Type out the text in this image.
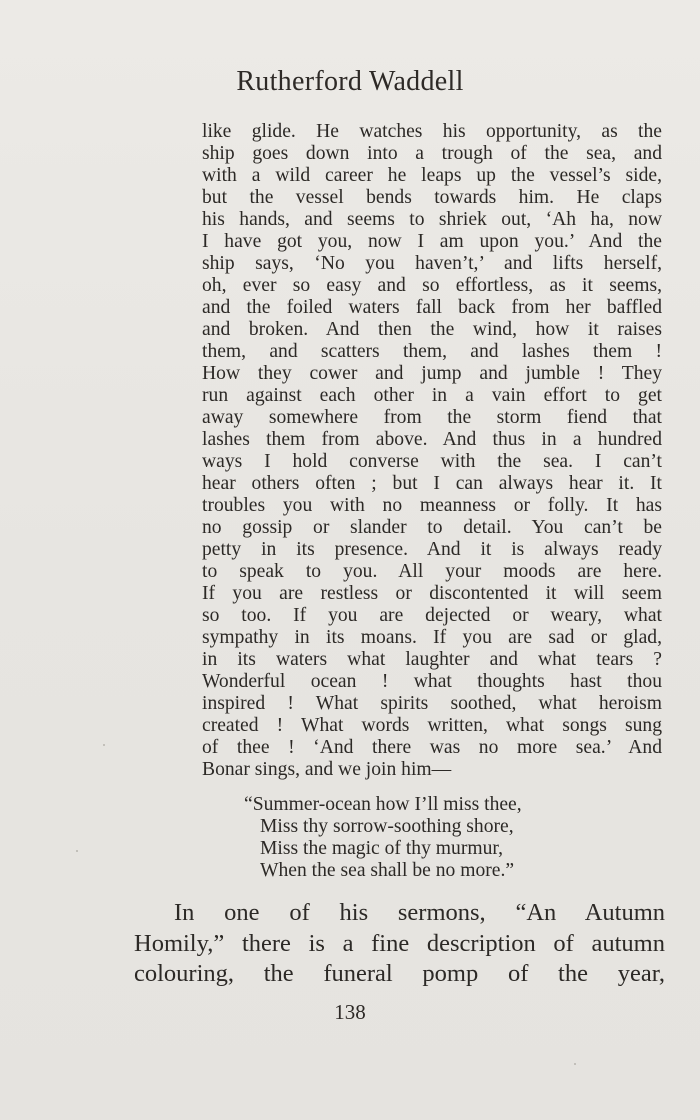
Rutherford Waddell
like glide. He watches his opportunity, as the
ship goes down into a trough of the sea, and
with a wild career he leaps up the vessel’s side,
but the vessel bends towards him. He claps
his hands, and seems to shriek out, ‘Ah ha, now
I have got you, now I am upon you.’ And the
ship says, ‘No you haven’t,’ and lifts herself,
oh, ever so easy and so effortless, as it seems,
and the foiled waters fall back from her baffled
and broken. And then the wind, how it raises
them, and scatters them, and lashes them !
How they cower and jump and jumble ! They
run against each other in a vain effort to get
away somewhere from the storm fiend that
lashes them from above. And thus in a hundred
ways I hold converse with the sea. I can’t
hear others often ; but I can always hear it. It
troubles you with no meanness or folly. It has
no gossip or slander to detail. You can’t be
petty in its presence. And it is always ready
to speak to you. All your moods are here.
If you are restless or discontented it will seem
so too. If you are dejected or weary, what
sympathy in its moans. If you are sad or glad,
in its waters what laughter and what tears ?
Wonderful ocean ! what thoughts hast thou
inspired ! What spirits soothed, what heroism
created ! What words written, what songs sung
of thee ! ‘And there was no more sea.’ And
Bonar sings, and we join him—
“Summer-ocean how I’ll miss thee,
Miss thy sorrow-soothing shore,
Miss the magic of thy murmur,
When the sea shall be no more.”
In one of his sermons, “An Autumn
Homily,” there is a fine description of autumn
colouring, the funeral pomp of the year,
138
